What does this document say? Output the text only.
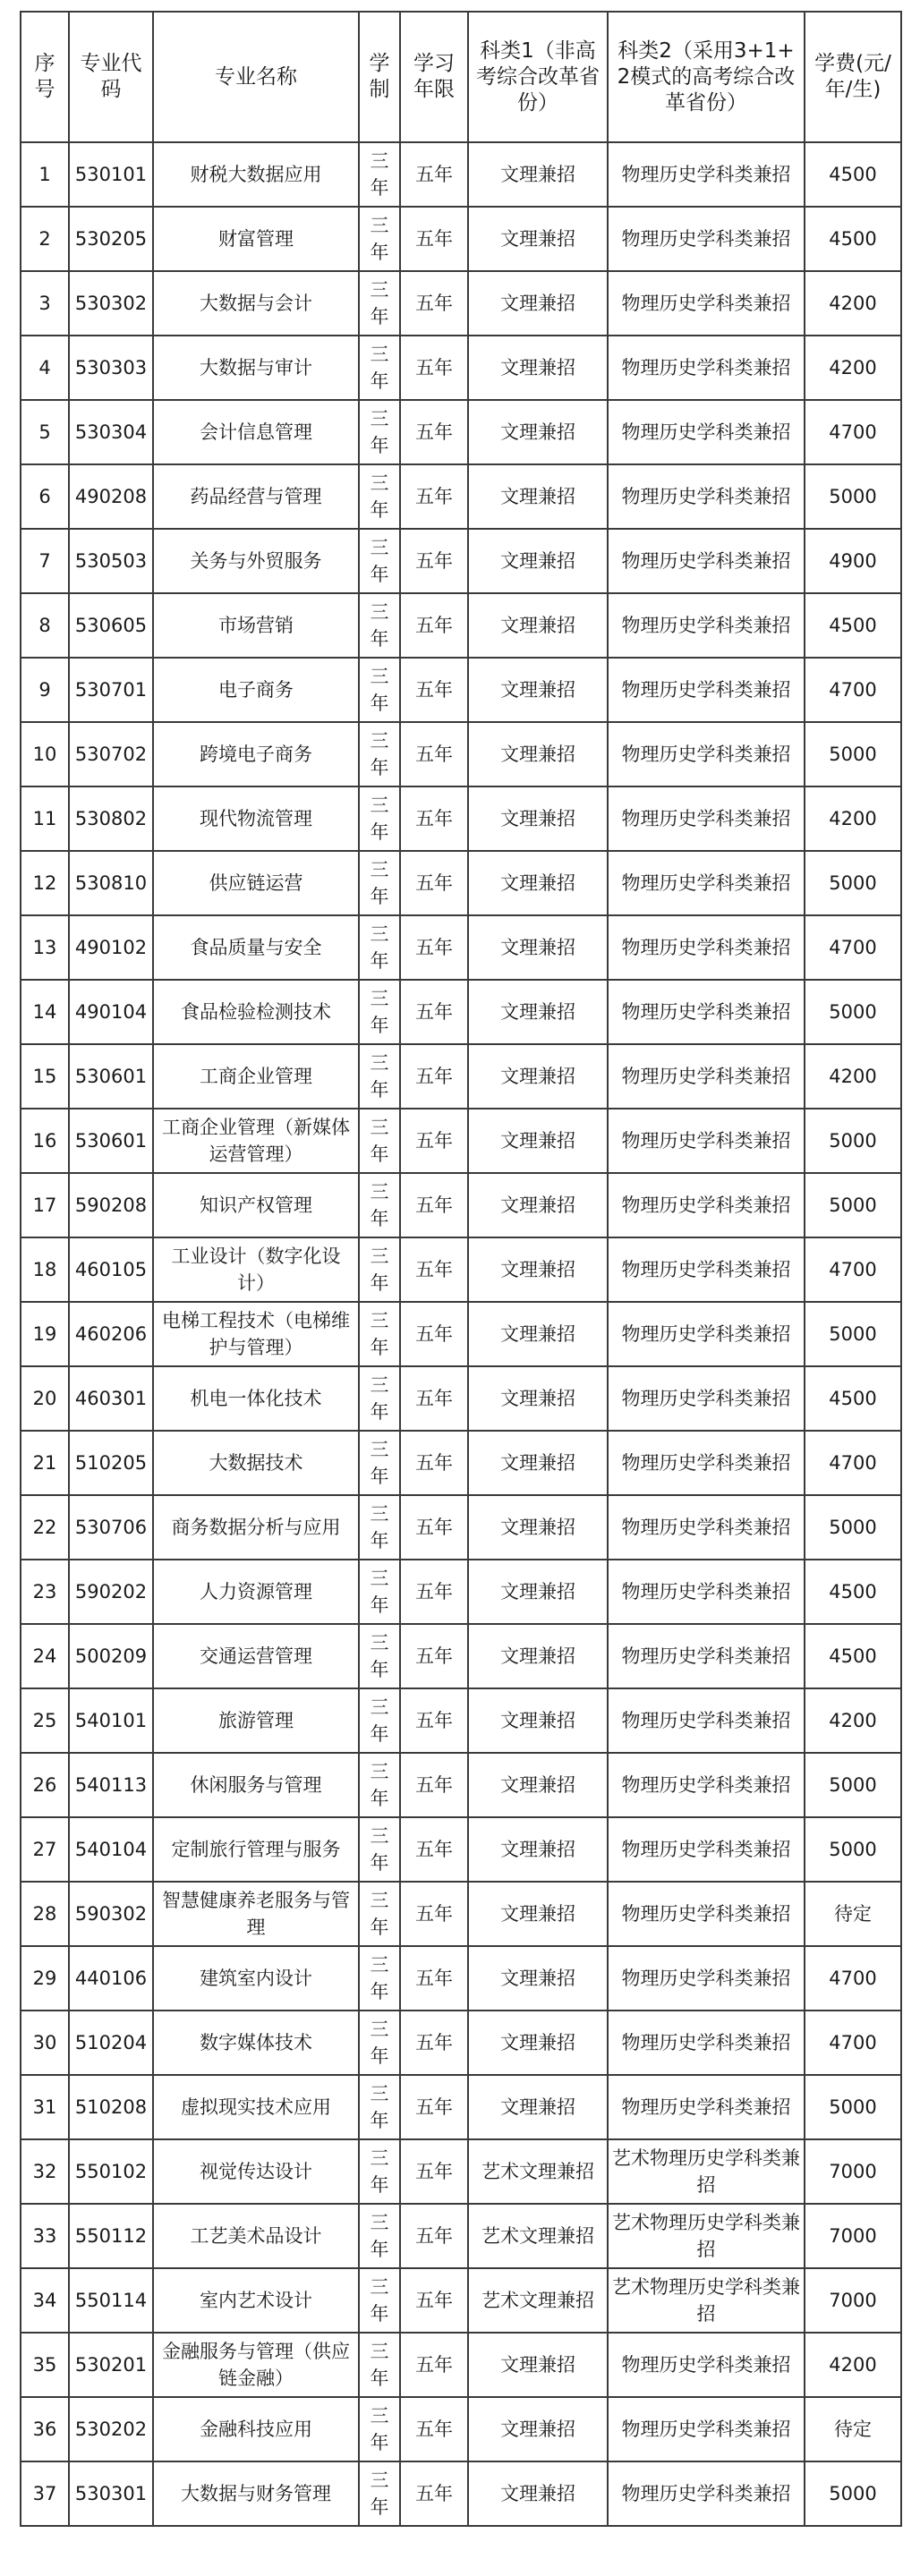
序号	专业代码	专业名称	学制	学习年限	科类1（非高考综合改革省份）	科类2（采用3+1+2模式的高考综合改革省份）	学费(元/年/生)
1	530101	财税大数据应用	三年	五年	文理兼招	物理历史学科类兼招	4500
2	530205	财富管理	三年	五年	文理兼招	物理历史学科类兼招	4500
3	530302	大数据与会计	三年	五年	文理兼招	物理历史学科类兼招	4200
4	530303	大数据与审计	三年	五年	文理兼招	物理历史学科类兼招	4200
5	530304	会计信息管理	三年	五年	文理兼招	物理历史学科类兼招	4700
6	490208	药品经营与管理	三年	五年	文理兼招	物理历史学科类兼招	5000
7	530503	关务与外贸服务	三年	五年	文理兼招	物理历史学科类兼招	4900
8	530605	市场营销	三年	五年	文理兼招	物理历史学科类兼招	4500
9	530701	电子商务	三年	五年	文理兼招	物理历史学科类兼招	4700
10	530702	跨境电子商务	三年	五年	文理兼招	物理历史学科类兼招	5000
11	530802	现代物流管理	三年	五年	文理兼招	物理历史学科类兼招	4200
12	530810	供应链运营	三年	五年	文理兼招	物理历史学科类兼招	5000
13	490102	食品质量与安全	三年	五年	文理兼招	物理历史学科类兼招	4700
14	490104	食品检验检测技术	三年	五年	文理兼招	物理历史学科类兼招	5000
15	530601	工商企业管理	三年	五年	文理兼招	物理历史学科类兼招	4200
16	530601	工商企业管理（新媒体运营管理）	三年	五年	文理兼招	物理历史学科类兼招	5000
17	590208	知识产权管理	三年	五年	文理兼招	物理历史学科类兼招	5000
18	460105	工业设计（数字化设计）	三年	五年	文理兼招	物理历史学科类兼招	4700
19	460206	电梯工程技术（电梯维护与管理）	三年	五年	文理兼招	物理历史学科类兼招	5000
20	460301	机电一体化技术	三年	五年	文理兼招	物理历史学科类兼招	4500
21	510205	大数据技术	三年	五年	文理兼招	物理历史学科类兼招	4700
22	530706	商务数据分析与应用	三年	五年	文理兼招	物理历史学科类兼招	5000
23	590202	人力资源管理	三年	五年	文理兼招	物理历史学科类兼招	4500
24	500209	交通运营管理	三年	五年	文理兼招	物理历史学科类兼招	4500
25	540101	旅游管理	三年	五年	文理兼招	物理历史学科类兼招	4200
26	540113	休闲服务与管理	三年	五年	文理兼招	物理历史学科类兼招	5000
27	540104	定制旅行管理与服务	三年	五年	文理兼招	物理历史学科类兼招	5000
28	590302	智慧健康养老服务与管理	三年	五年	文理兼招	物理历史学科类兼招	待定
29	440106	建筑室内设计	三年	五年	文理兼招	物理历史学科类兼招	4700
30	510204	数字媒体技术	三年	五年	文理兼招	物理历史学科类兼招	4700
31	510208	虚拟现实技术应用	三年	五年	文理兼招	物理历史学科类兼招	5000
32	550102	视觉传达设计	三年	五年	艺术文理兼招	艺术物理历史学科类兼招	7000
33	550112	工艺美术品设计	三年	五年	艺术文理兼招	艺术物理历史学科类兼招	7000
34	550114	室内艺术设计	三年	五年	艺术文理兼招	艺术物理历史学科类兼招	7000
35	530201	金融服务与管理（供应链金融）	三年	五年	文理兼招	物理历史学科类兼招	4200
36	530202	金融科技应用	三年	五年	文理兼招	物理历史学科类兼招	待定
37	530301	大数据与财务管理	三年	五年	文理兼招	物理历史学科类兼招	5000
